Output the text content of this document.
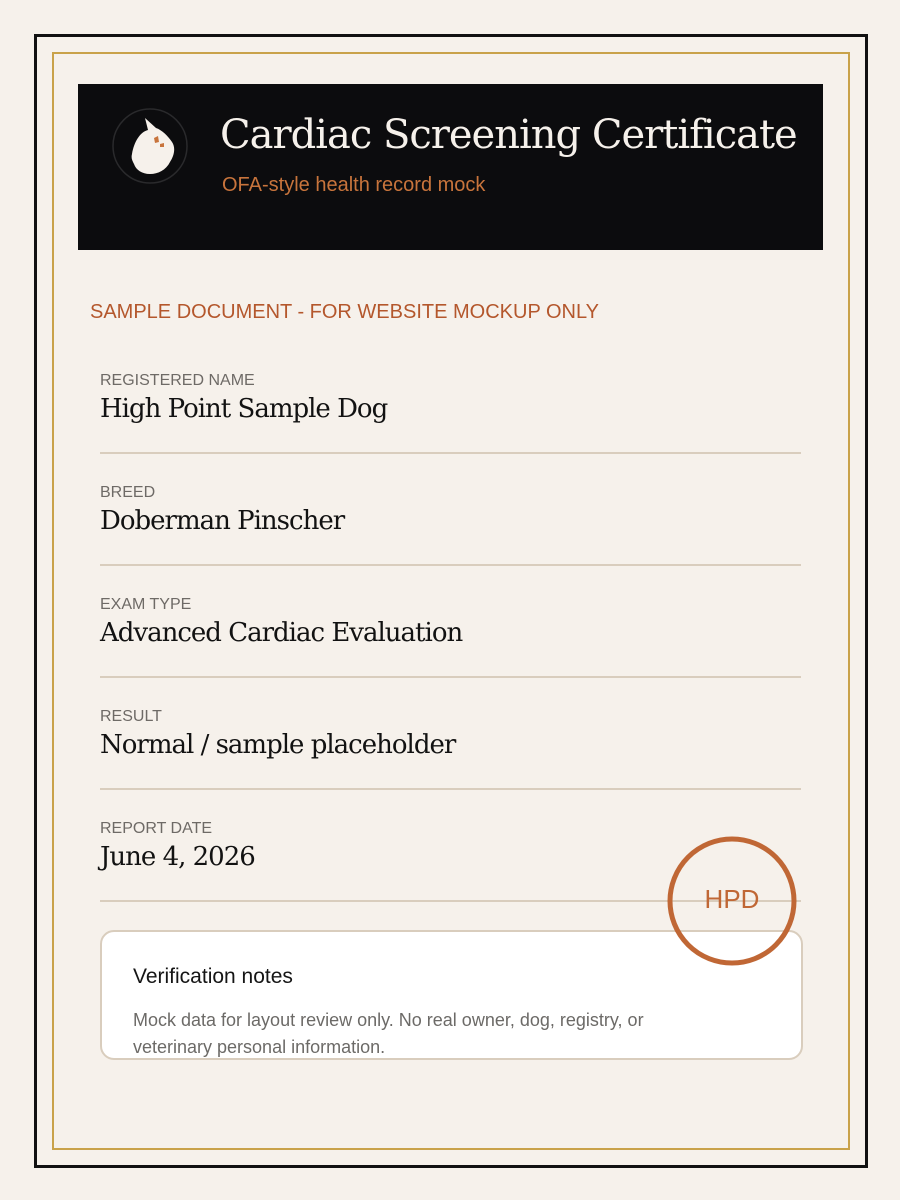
Cardiac Screening Certificate
OFA-style health record mock
SAMPLE DOCUMENT - FOR WEBSITE MOCKUP ONLY
REGISTERED NAME
High Point Sample Dog
BREED
Doberman Pinscher
EXAM TYPE
Advanced Cardiac Evaluation
RESULT
Normal / sample placeholder
REPORT DATE
June 4, 2026
Verification notes
Mock data for layout review only. No real owner, dog, registry, or veterinary personal information.
HPD
